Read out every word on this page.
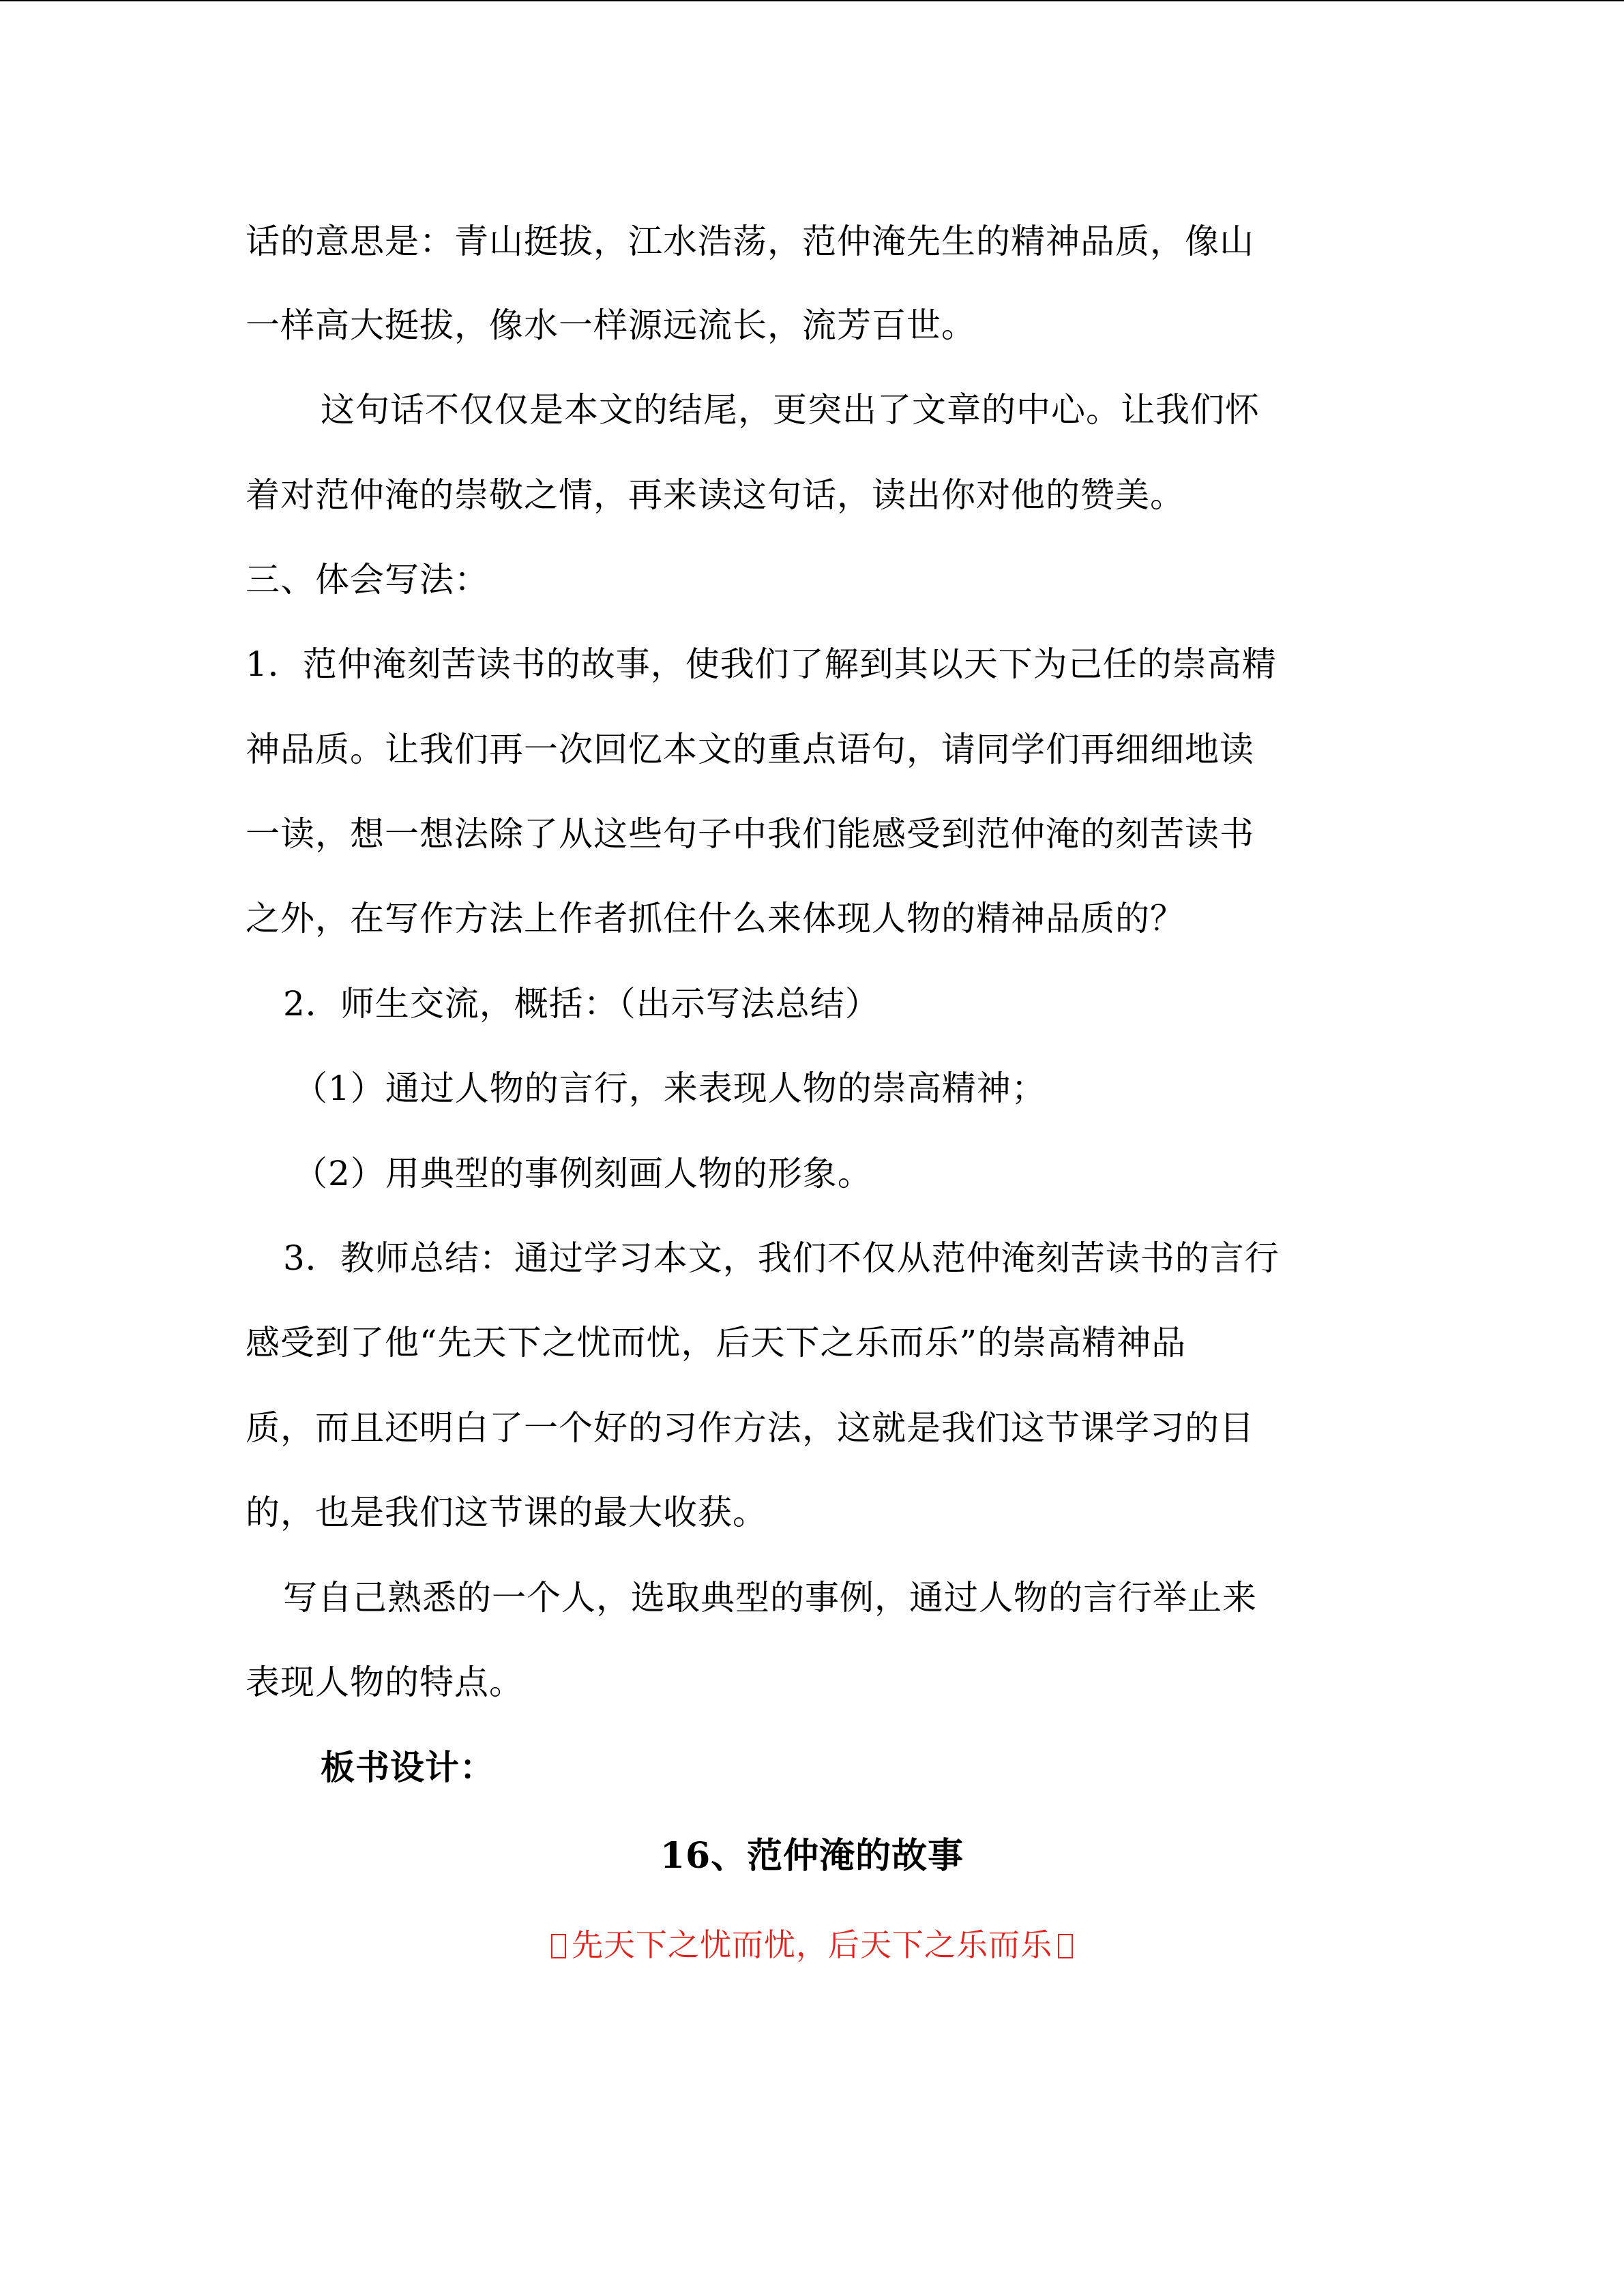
话的意思是：青山挺拔，江水浩荡，范仲淹先生的精神品质，像山
一样高大挺拔，像水一样源远流长，流芳百世。
这句话不仅仅是本文的结尾，更突出了文章的中心。让我们怀
着对范仲淹的崇敬之情，再来读这句话，读出你对他的赞美。
三、体会写法：
1．范仲淹刻苦读书的故事，使我们了解到其以天下为己任的崇高精
神品质。让我们再一次回忆本文的重点语句，请同学们再细细地读
一读，想一想法除了从这些句子中我们能感受到范仲淹的刻苦读书
之外，在写作方法上作者抓住什么来体现人物的精神品质的？
2．师生交流，概括：（出示写法总结）
（1）通过人物的言行，来表现人物的崇高精神；
（2）用典型的事例刻画人物的形象。
3．教师总结：通过学习本文，我们不仅从范仲淹刻苦读书的言行
感受到了他“先天下之忧而忧，后天下之乐而乐”的崇高精神品
质，而且还明白了一个好的习作方法，这就是我们这节课学习的目
的，也是我们这节课的最大收获。
写自己熟悉的一个人，选取典型的事例，通过人物的言行举止来
表现人物的特点。
板书设计：
16、范仲淹的故事
先天下之忧而忧，后天下之乐而乐
